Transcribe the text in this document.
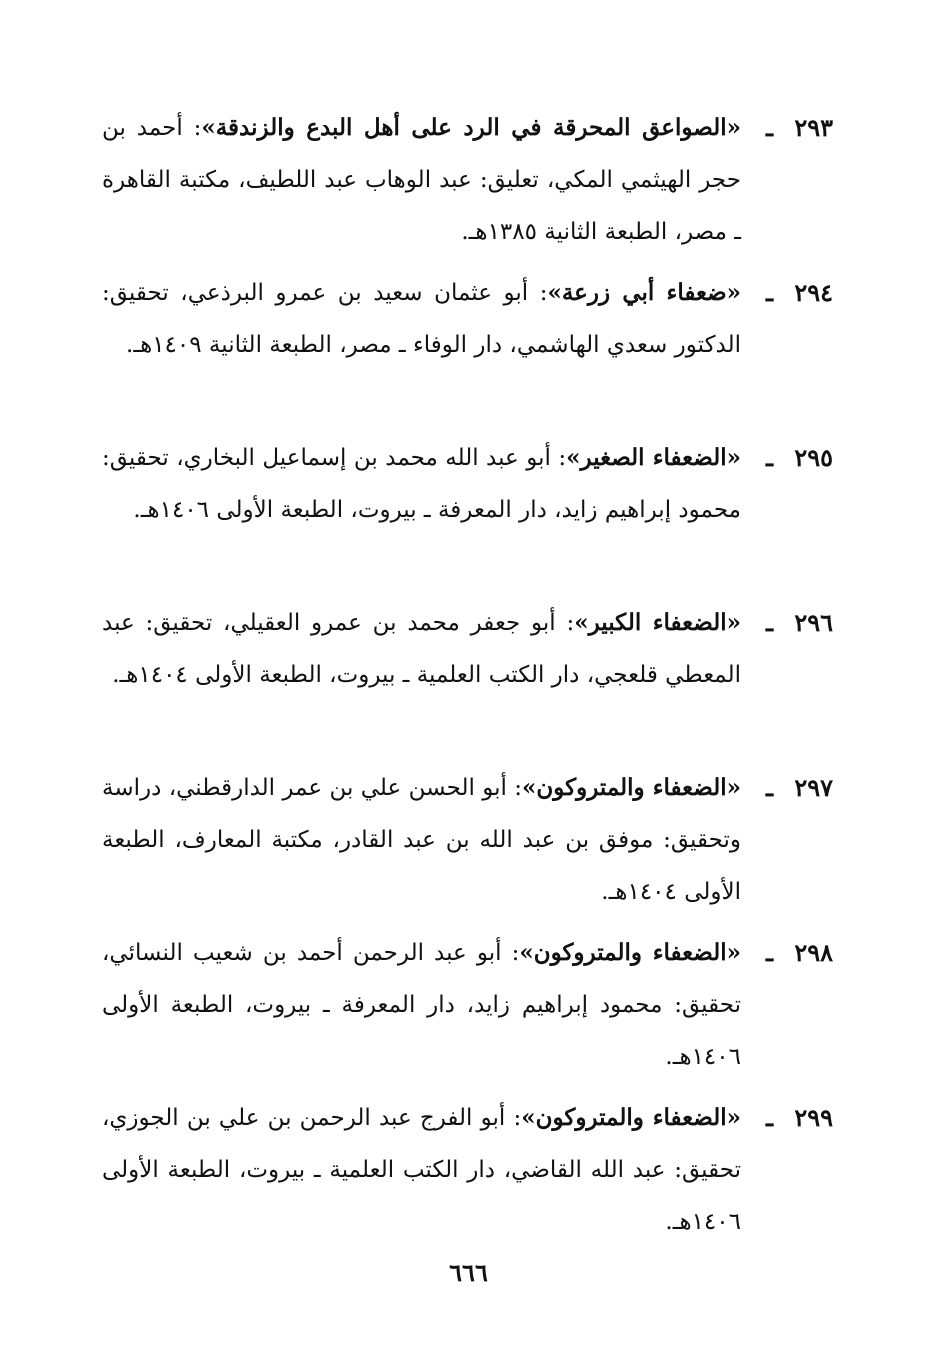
٢٩٣
ـ
«الصواعق المحرقة في الرد على أهل البدع والزندقة»: أحمد بن حجر الهيثمي المكي، تعليق: عبد الوهاب عبد اللطيف، مكتبة القاهرة ـ مصر، الطبعة الثانية ١٣٨٥هـ.
٢٩٤
ـ
«ضعفاء أبي زرعة»: أبو عثمان سعيد بن عمرو البرذعي، تحقيق: الدكتور سعدي الهاشمي، دار الوفاء ـ مصر، الطبعة الثانية ١٤٠٩هـ.
٢٩٥
ـ
«الضعفاء الصغير»: أبو عبد الله محمد بن إسماعيل البخاري، تحقيق: محمود إبراهيم زايد، دار المعرفة ـ بيروت، الطبعة الأولى ١٤٠٦هـ.
٢٩٦
ـ
«الضعفاء الكبير»: أبو جعفر محمد بن عمرو العقيلي، تحقيق: عبد المعطي قلعجي، دار الكتب العلمية ـ بيروت، الطبعة الأولى ١٤٠٤هـ.
٢٩٧
ـ
«الضعفاء والمتروكون»: أبو الحسن علي بن عمر الدارقطني، دراسة وتحقيق: موفق بن عبد الله بن عبد القادر، مكتبة المعارف، الطبعة الأولى ١٤٠٤هـ.
٢٩٨
ـ
«الضعفاء والمتروكون»: أبو عبد الرحمن أحمد بن شعيب النسائي، تحقيق: محمود إبراهيم زايد، دار المعرفة ـ بيروت، الطبعة الأولى ١٤٠٦هـ.
٢٩٩
ـ
«الضعفاء والمتروكون»: أبو الفرج عبد الرحمن بن علي بن الجوزي، تحقيق: عبد الله القاضي، دار الكتب العلمية ـ بيروت، الطبعة الأولى ١٤٠٦هـ.
٦٦٦
